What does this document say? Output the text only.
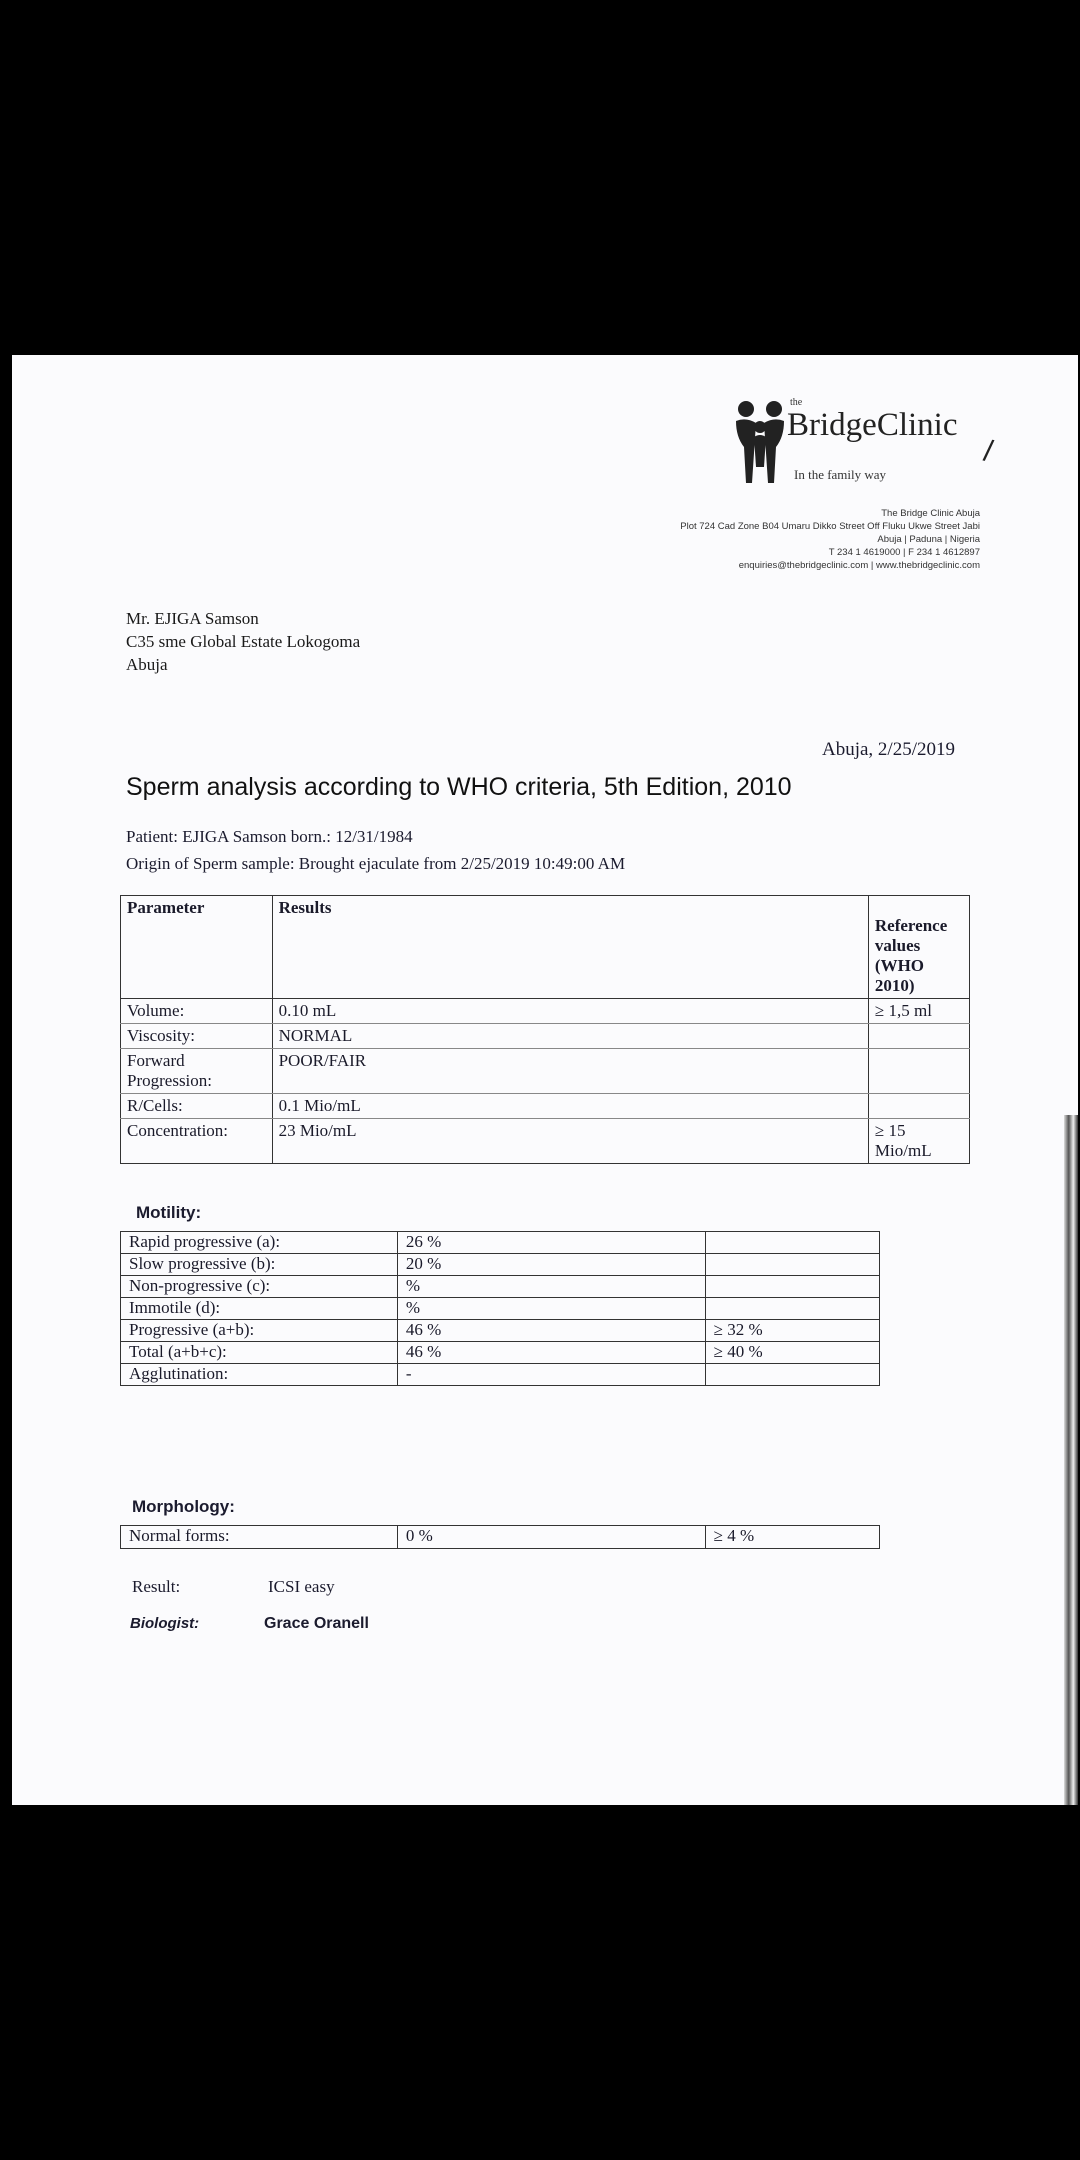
the
BridgeClinic
In the family way
/
The Bridge Clinic Abuja
Plot 724 Cad Zone B04 Umaru Dikko Street Off Fluku Ukwe Street Jabi
Abuja | Paduna | Nigeria
T 234 1 4619000 | F 234 1 4612897
enquiries@thebridgeclinic.com | www.thebridgeclinic.com
Mr. EJIGA Samson
C35 sme Global Estate Lokogoma
Abuja
Abuja, 2/25/2019
Sperm analysis according to WHO criteria, 5th Edition, 2010
Patient: EJIGA Samson born.: 12/31/1984
Origin of Sperm sample: Brought ejaculate from 2/25/2019 10:49:00 AM
Parameter	Results	Reference values (WHO 2010)
Volume:	0.10 mL	≥ 1,5 ml
Viscosity:	NORMAL	
Forward Progression:	POOR/FAIR	
R/Cells:	0.1 Mio/mL	
Concentration:	23 Mio/mL	≥ 15 Mio/mL
Motility:
Rapid progressive (a):	26 %	
Slow progressive (b):	20 %	
Non-progressive (c):	%	
Immotile (d):	%	
Progressive (a+b):	46 %	≥ 32 %
Total (a+b+c):	46 %	≥ 40 %
Agglutination:	-	
Morphology:
Normal forms:	0 %	≥ 4 %
Result:	ICSI easy
Biologist:	Grace Oranell
